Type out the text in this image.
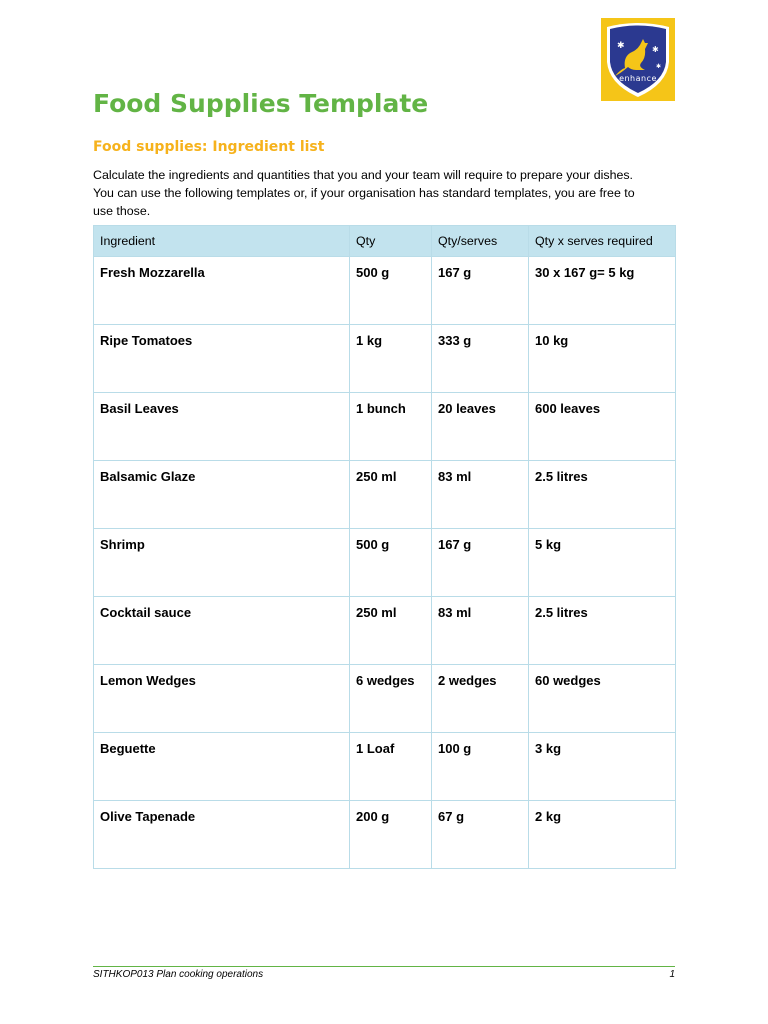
✱	✱
✱
enhance
Food Supplies Template
Food supplies: Ingredient list

Calculate the ingredients and quantities that you and your team will require to prepare your dishes.
You can use the following templates or, if your organisation has standard templates, you are free to
use those.

Ingredient	Qty	Qty/serves	Qty x serves required
Fresh Mozzarella	500 g	167 g	30 x 167 g= 5 kg
Ripe Tomatoes	1 kg	333 g	10 kg
Basil Leaves	1 bunch	20 leaves	600 leaves
Balsamic Glaze	250 ml	83 ml	2.5 litres
Shrimp	500 g	167 g	5 kg
Cocktail sauce	250 ml	83 ml	2.5 litres
Lemon Wedges	6 wedges	2 wedges	60 wedges
Beguette	1 Loaf	100 g	3 kg
Olive Tapenade	200 g	67 g	2 kg
SITHKOP013 Plan cooking operations	1
